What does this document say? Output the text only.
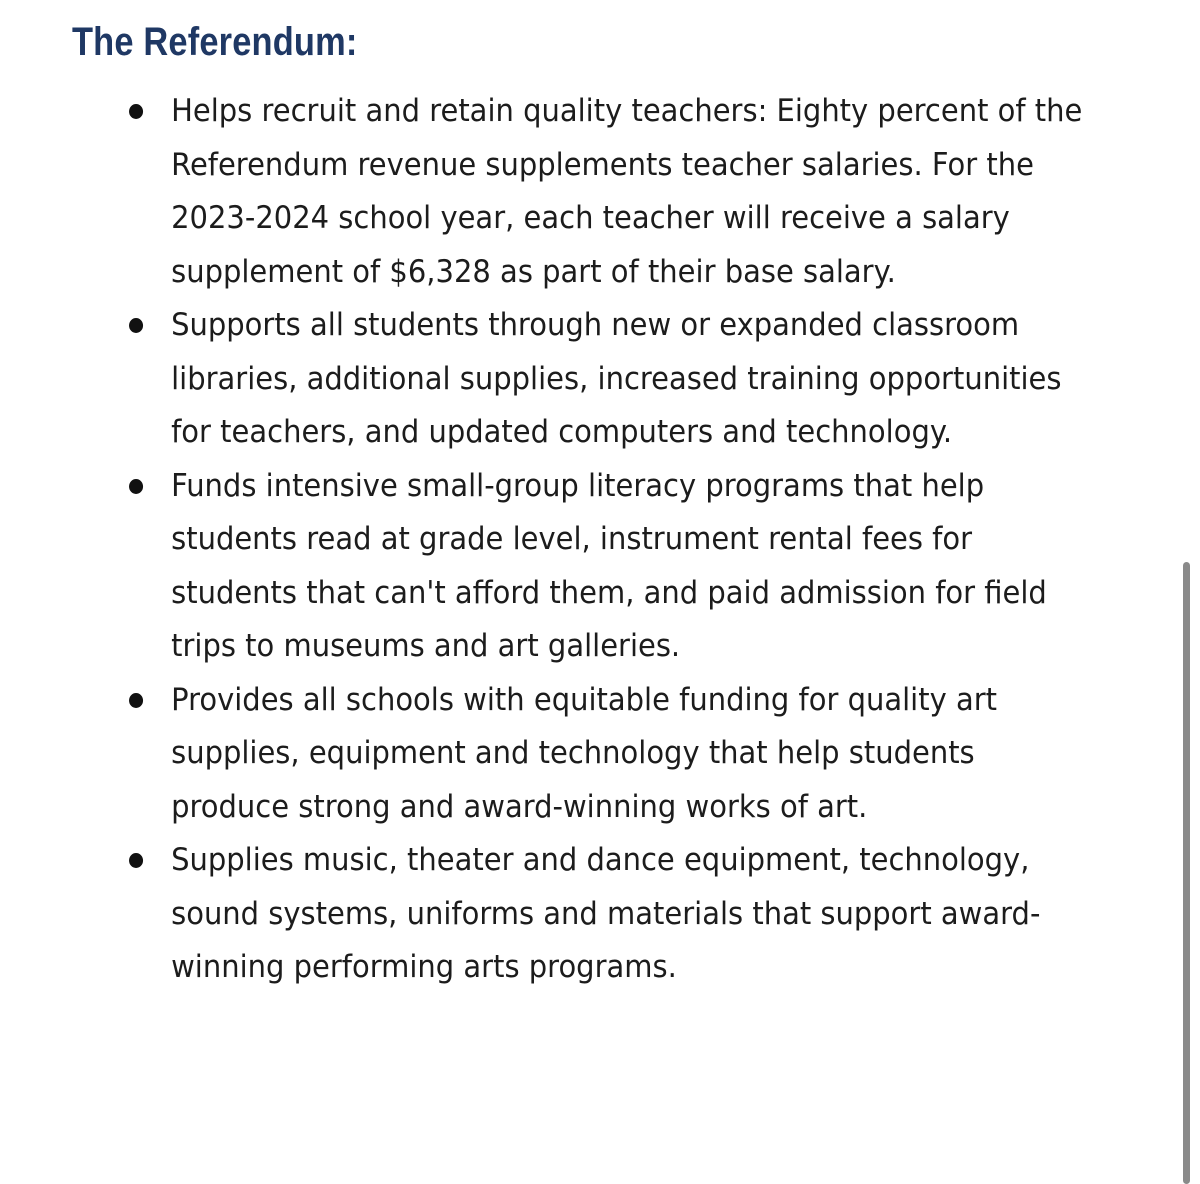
The Referendum:
Helps recruit and retain quality teachers: Eighty percent of the Referendum revenue supplements teacher salaries. For the 2023-2024 school year, each teacher will receive a salary supplement of $6,328 as part of their base salary.
Supports all students through new or expanded classroom libraries, additional supplies, increased training opportunities for teachers, and updated computers and technology.
Funds intensive small-group literacy programs that help students read at grade level, instrument rental fees for students that can't afford them, and paid admission for field trips to museums and art galleries.
Provides all schools with equitable funding for quality art supplies, equipment and technology that help students produce strong and award-winning works of art.
Supplies music, theater and dance equipment, technology, sound systems, uniforms and materials that support award-winning performing arts programs.
